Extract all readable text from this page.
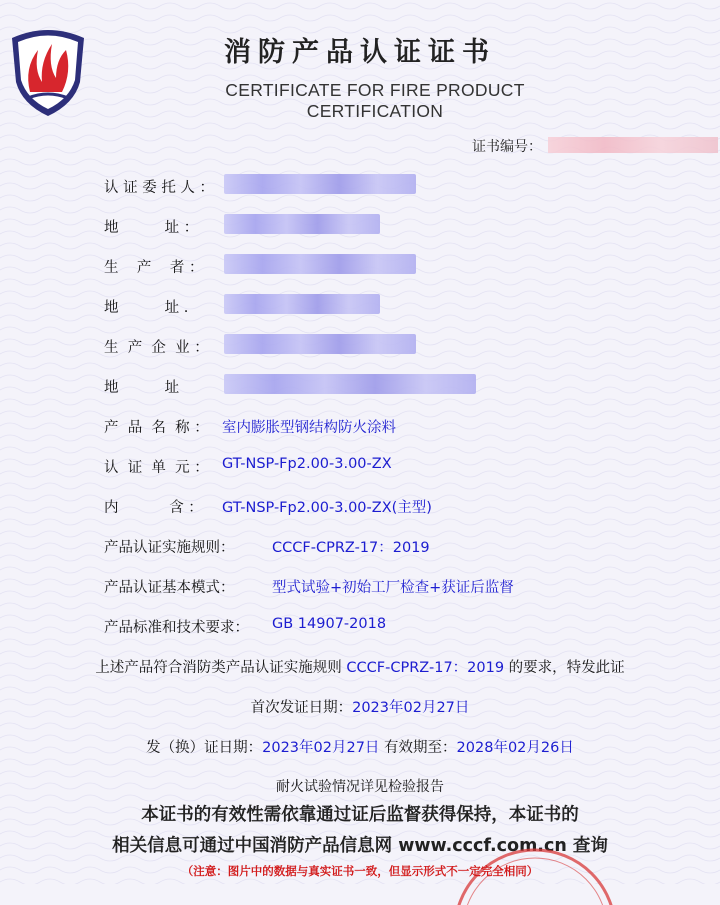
消防产品认证证书
CERTIFICATE FOR FIRE PRODUCT CERTIFICATION
证书编号：
认 证 委 托 人 ：
地          址 ：
生    产    者 ：
地          址 .
生  产  企  业 ：
地          址
产  品  名  称 ： 室内膨胀型钢结构防火涂料
认  证  单  元 ： GT-NSP-Fp2.00-3.00-ZX
内           含 ： GT-NSP-Fp2.00-3.00-ZX(主型)
产品认证实施规则：	CCCF-CPRZ-17：2019
产品认证基本模式：	型式试验+初始工厂检查+获证后监督
产品标准和技术要求： GB 14907-2018
上述产品符合消防类产品认证实施规则 CCCF-CPRZ-17：2019 的要求，特发此证
首次发证日期：2023年02月27日
发（换）证日期：2023年02月27日 有效期至：2028年02月26日
耐火试验情况详见检验报告
本证书的有效性需依靠通过证后监督获得保持，本证书的
相关信息可通过中国消防产品信息网 www.cccf.com.cn 查询
（注意：图片中的数据与真实证书一致，但显示形式不一定完全相同）
